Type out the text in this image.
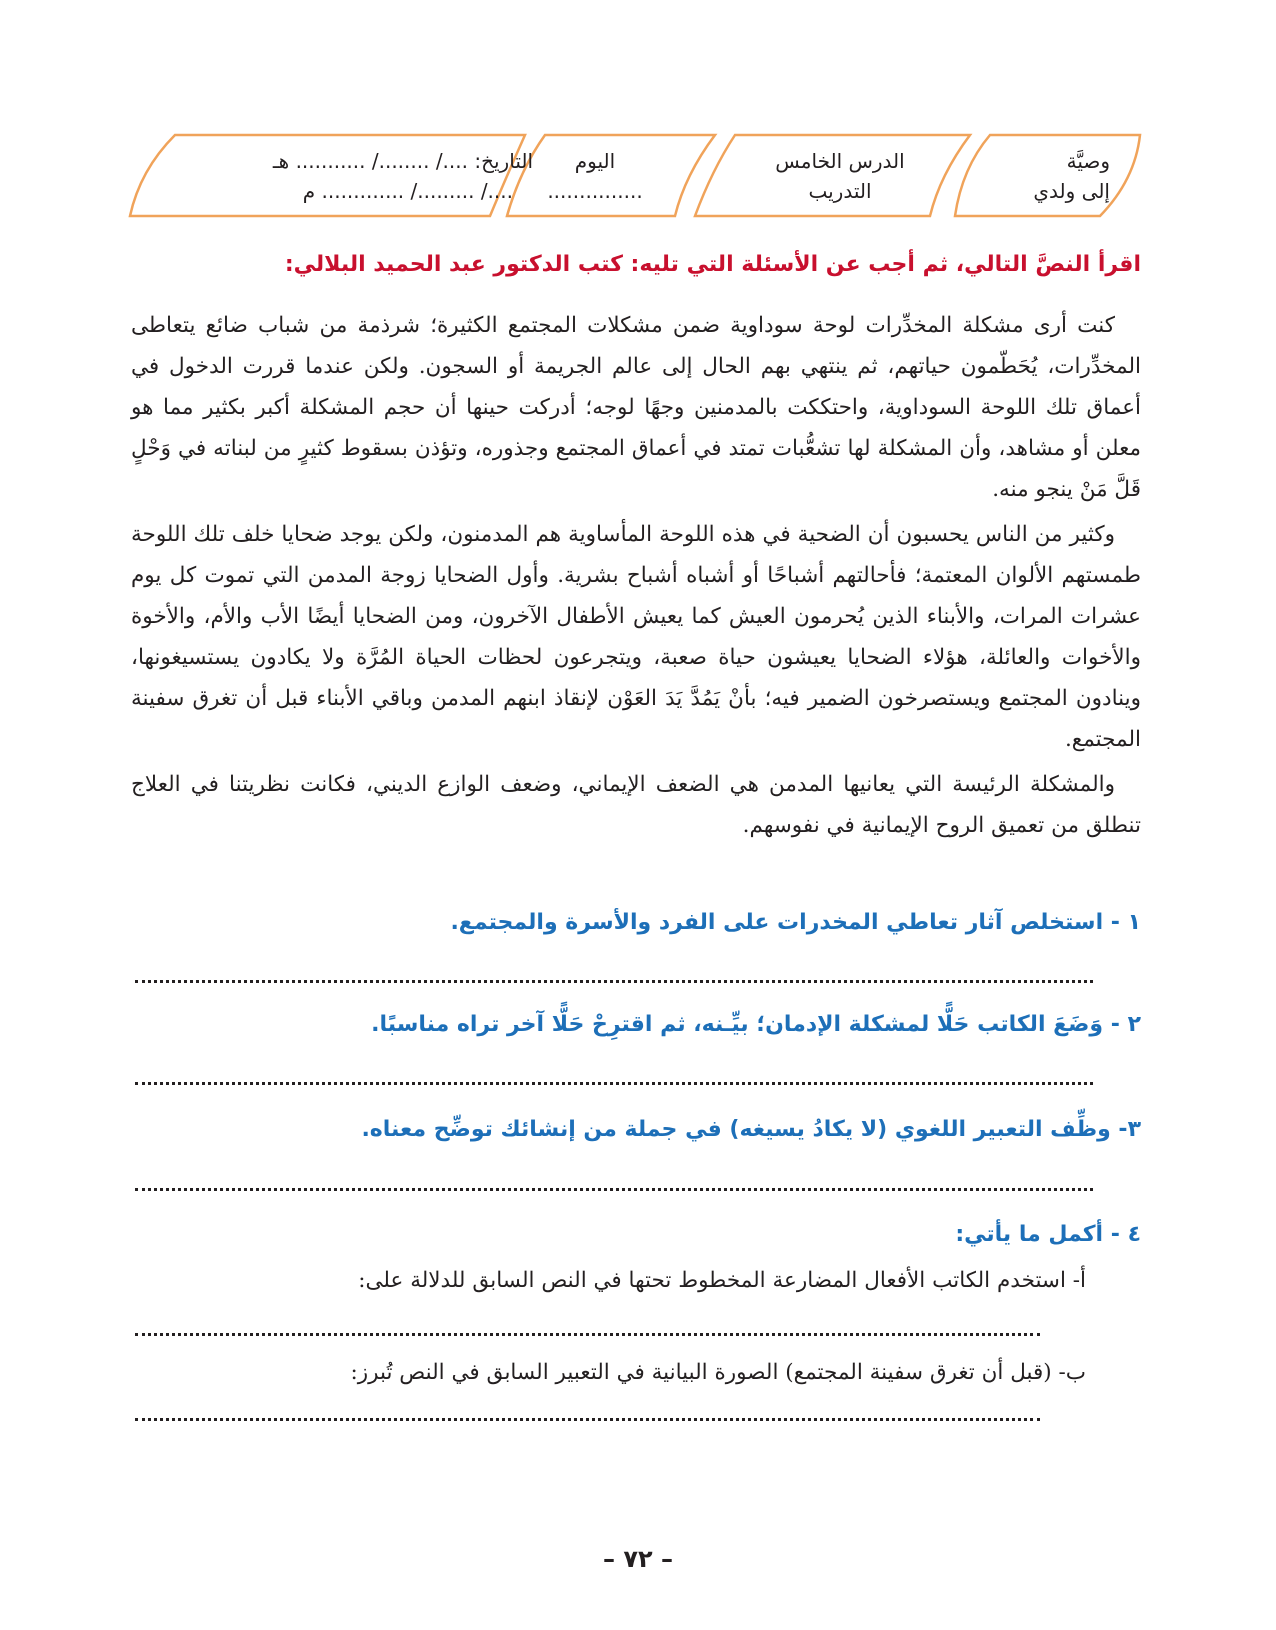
وصيَّة
إلى ولدي
الدرس الخامس
التدريب
اليوم
...............
التاريخ: ..../ ......../ ........... هـ
..../ ........./ ............. م
اقرأ النصَّ التالي، ثم أجب عن الأسئلة التي تليه: كتب الدكتور عبد الحميد البلالي:

كنت أرى مشكلة المخدِّرات لوحة سوداوية ضمن مشكلات المجتمع الكثيرة؛ شرذمة من شباب ضائع يتعاطى المخدِّرات، يُحَطّمون حياتهم، ثم ينتهي بهم الحال إلى عالم الجريمة أو السجون. ولكن عندما قررت الدخول في أعماق تلك اللوحة السوداوية، واحتككت بالمدمنين وجهًا لوجه؛ أدركت حينها أن حجم المشكلة أكبر بكثير مما هو معلن أو مشاهد، وأن المشكلة لها تشعُّبات تمتد في أعماق المجتمع وجذوره، وتؤذن بسقوط كثيرٍ من لبناته في وَحْلٍ قَلَّ مَنْ ينجو منه.

وكثير من الناس يحسبون أن الضحية في هذه اللوحة المأساوية هم المدمنون، ولكن يوجد ضحايا خلف تلك اللوحة طمستهم الألوان المعتمة؛ فأحالتهم أشباحًا أو أشباه أشباح بشرية. وأول الضحايا زوجة المدمن التي تموت كل يوم عشرات المرات، والأبناء الذين يُحرمون العيش كما يعيش الأطفال الآخرون، ومن الضحايا أيضًا الأب والأم، والأخوة والأخوات والعائلة، هؤلاء الضحايا يعيشون حياة صعبة، ويتجرعون لحظات الحياة المُرَّة ولا يكادون يستسيغونها، وينادون المجتمع ويستصرخون الضمير فيه؛ بأنْ يَمُدَّ يَدَ العَوْن لإنقاذ ابنهم المدمن وباقي الأبناء قبل أن تغرق سفينة المجتمع.

والمشكلة الرئيسة التي يعانيها المدمن هي الضعف الإيماني، وضعف الوازع الديني، فكانت نظريتنا في العلاج تنطلق من تعميق الروح الإيمانية في نفوسهم.

١ - استخلص آثار تعاطي المخدرات على الفرد والأسرة والمجتمع.
٢ - وَضَعَ الكاتب حَلًّا لمشكلة الإدمان؛ بيِّـنه، ثم اقترِحْ حَلًّا آخر تراه مناسبًا.
٣- وظِّف التعبير اللغوي (لا يكادُ يسيغه) في جملة من إنشائك توضِّح معناه.
٤ - أكمل ما يأتي:
أ- استخدم الكاتب الأفعال المضارعة المخطوط تحتها في النص السابق للدلالة على:
ب- (قبل أن تغرق سفينة المجتمع) الصورة البيانية في التعبير السابق في النص تُبرز:
– ٧٢ –
